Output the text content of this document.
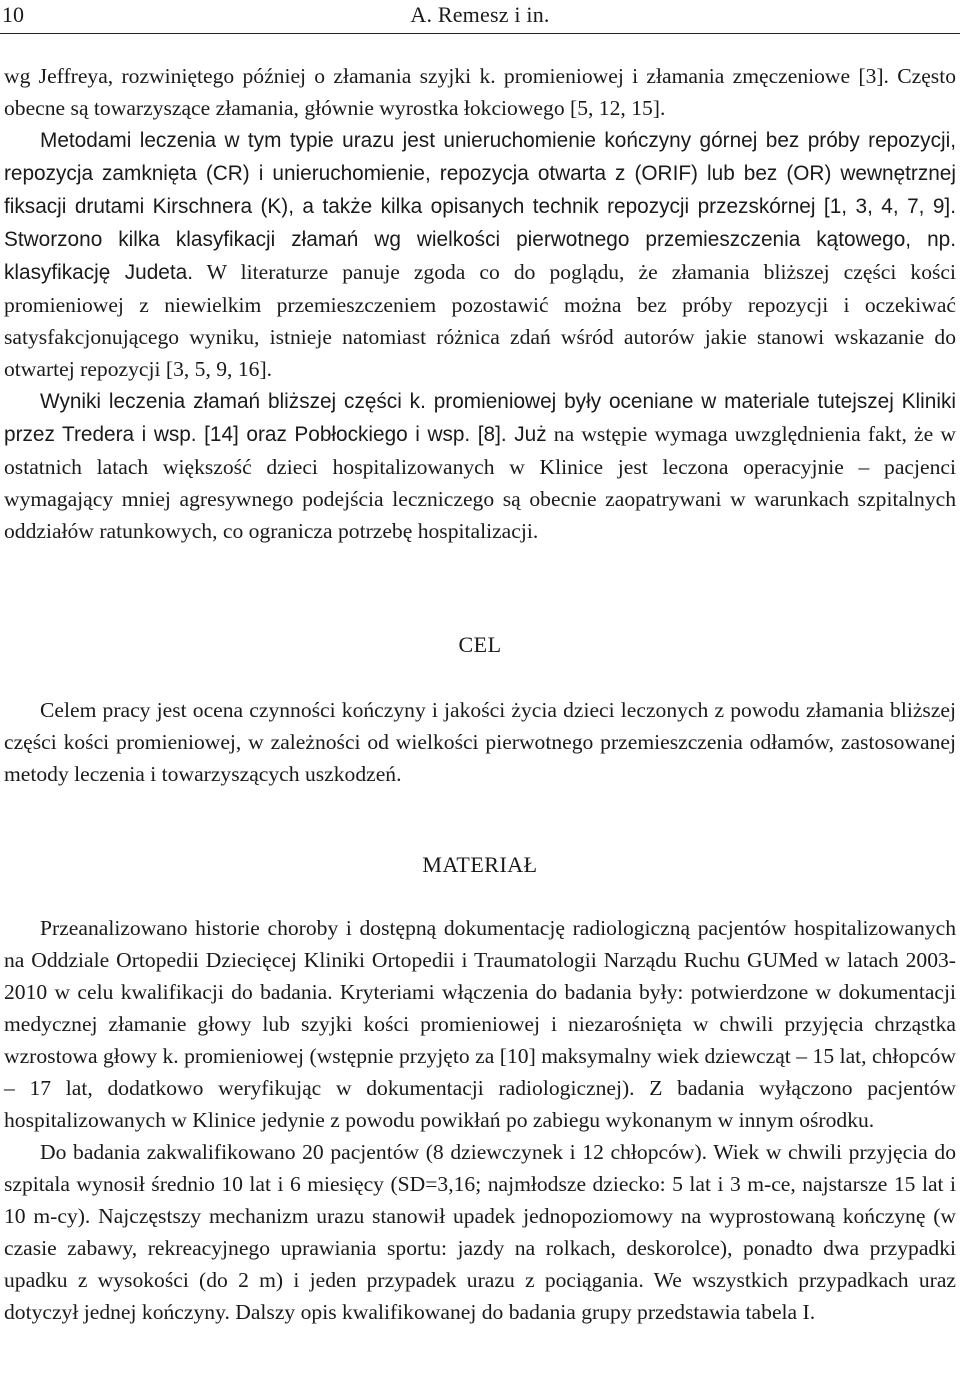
10	A. Remesz i in.

wg Jeffreya, rozwiniętego później o złamania szyjki k. promieniowej i złamania zmęczeniowe [3]. Często obecne są towarzyszące złamania, głównie wyrostka łokciowego [5, 12, 15].

Metodami leczenia w tym typie urazu jest unieruchomienie kończyny górnej bez próby repozycji, repozycja zamknięta (CR) i unieruchomienie, repozycja otwarta z (ORIF) lub bez (OR) wewnętrznej fiksacji drutami Kirschnera (K), a także kilka opisanych technik repozycji przezskórnej [1, 3, 4, 7, 9]. Stworzono kilka klasyfikacji złamań wg wielkości pierwotnego przemieszczenia kątowego, np. klasyfikację Judeta. W literaturze panuje zgoda co do poglądu, że złamania bliższej części kości promieniowej z niewielkim przemieszczeniem pozostawić można bez próby repozycji i oczekiwać satysfakcjonującego wyniku, istnieje natomiast różnica zdań wśród autorów jakie stanowi wskazanie do otwartej repozycji [3, 5, 9, 16].

Wyniki leczenia złamań bliższej części k. promieniowej były oceniane w materiale tutejszej Kliniki przez Tredera i wsp. [14] oraz Pobłockiego i wsp. [8]. Już na wstępie wymaga uwzględnienia fakt, że w ostatnich latach większość dzieci hospitalizowanych w Klinice jest leczona operacyjnie – pacjenci wymagający mniej agresywnego podejścia leczniczego są obecnie zaopatrywani w warunkach szpitalnych oddziałów ratunkowych, co ogranicza potrzebę hospitalizacji.

CEL

Celem pracy jest ocena czynności kończyny i jakości życia dzieci leczonych z powodu złamania bliższej części kości promieniowej, w zależności od wielkości pierwotnego przemieszczenia odłamów, zastosowanej metody leczenia i towarzyszących uszkodzeń.

MATERIAŁ

Przeanalizowano historie choroby i dostępną dokumentację radiologiczną pacjentów hospitalizowanych na Oddziale Ortopedii Dziecięcej Kliniki Ortopedii i Traumatologii Narządu Ruchu GUMed w latach 2003-2010 w celu kwalifikacji do badania. Kryteriami włączenia do badania były: potwierdzone w dokumentacji medycznej złamanie głowy lub szyjki kości promieniowej i niezarośnięta w chwili przyjęcia chrząstka wzrostowa głowy k. promieniowej (wstępnie przyjęto za [10] maksymalny wiek dziewcząt – 15 lat, chłopców – 17 lat, dodatkowo weryfikując w dokumentacji radiologicznej). Z badania wyłączono pacjentów hospitalizowanych w Klinice jedynie z powodu powikłań po zabiegu wykonanym w innym ośrodku.

Do badania zakwalifikowano 20 pacjentów (8 dziewczynek i 12 chłopców). Wiek w chwili przyjęcia do szpitala wynosił średnio 10 lat i 6 miesięcy (SD=3,16; najmłodsze dziecko: 5 lat i 3 m-ce, najstarsze 15 lat i 10 m-cy). Najczęstszy mechanizm urazu stanowił upadek jednopoziomowy na wyprostowaną kończynę (w czasie zabawy, rekreacyjnego uprawiania sportu: jazdy na rolkach, deskorolce), ponadto dwa przypadki upadku z wysokości (do 2 m) i jeden przypadek urazu z pociągania. We wszystkich przypadkach uraz dotyczył jednej kończyny. Dalszy opis kwalifikowanej do badania grupy przedstawia tabela I.
